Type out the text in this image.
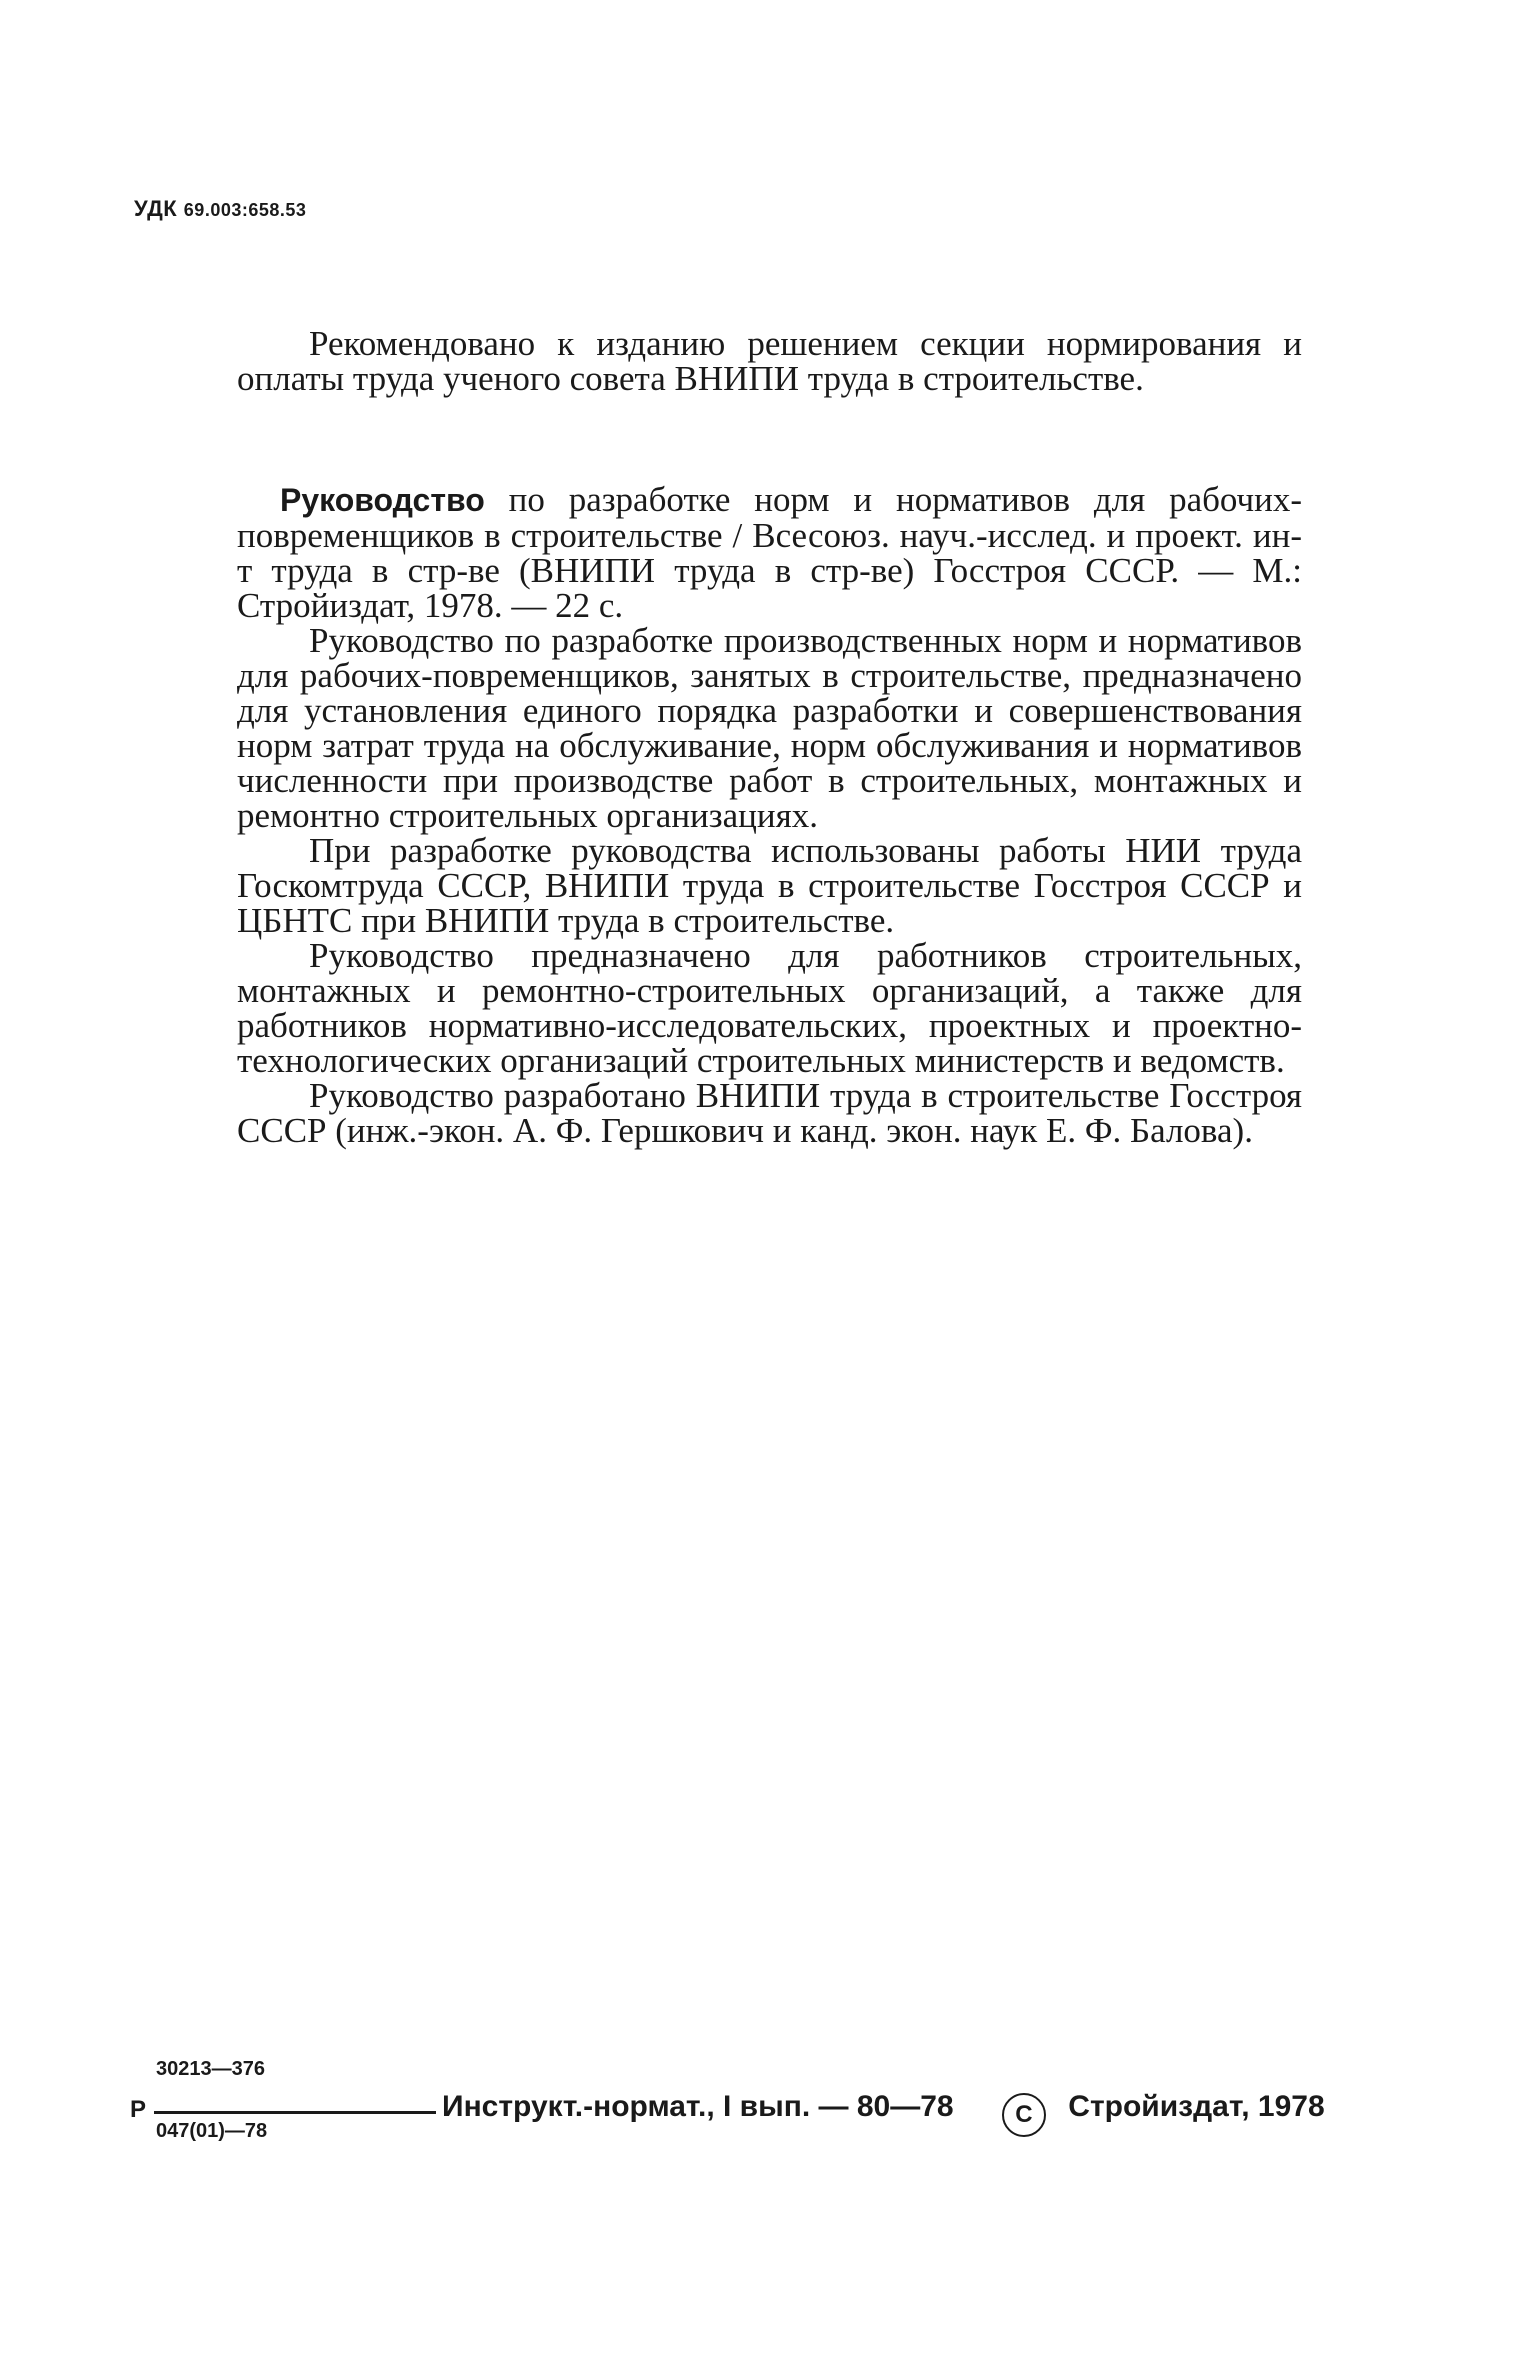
УДК 69.003:658.53
Рекомендовано к изданию решением секции нормирования и оплаты труда ученого совета ВНИПИ труда в строительстве.

Руководство по разработке норм и нормативов для рабочих-повременщиков в строительстве / Всесоюз. науч.-исслед. и проект. ин-т труда в стр-ве (ВНИПИ труда в стр-ве) Госстроя СССР. — М.: Стройиздат, 1978. — 22 с.

Руководство по разработке производственных норм и нормативов для рабочих-повременщиков, занятых в строительстве, предназначено для установления единого порядка разработки и совершенствования норм затрат труда на обслуживание, норм обслуживания и нормативов численности при производстве работ в строительных, монтажных и ремонтно строительных организациях.

При разработке руководства использованы работы НИИ труда Госкомтруда СССР, ВНИПИ труда в строительстве Госстроя СССР и ЦБНТС при ВНИПИ труда в строительстве.

Руководство предназначено для работников строительных, монтажных и ремонтно-строительных организаций, а также для работников нормативно-исследовательских, проектных и проектно-технологических организаций строительных министерств и ведомств.

Руководство разработано ВНИПИ труда в строительстве Госстроя СССР (инж.-экон. А. Ф. Гершкович и канд. экон. наук Е. Ф. Балова).

Р
30213—376
047(01)—78
Инструкт.-нормат., I вып. — 80—78	C Стройиздат, 1978
